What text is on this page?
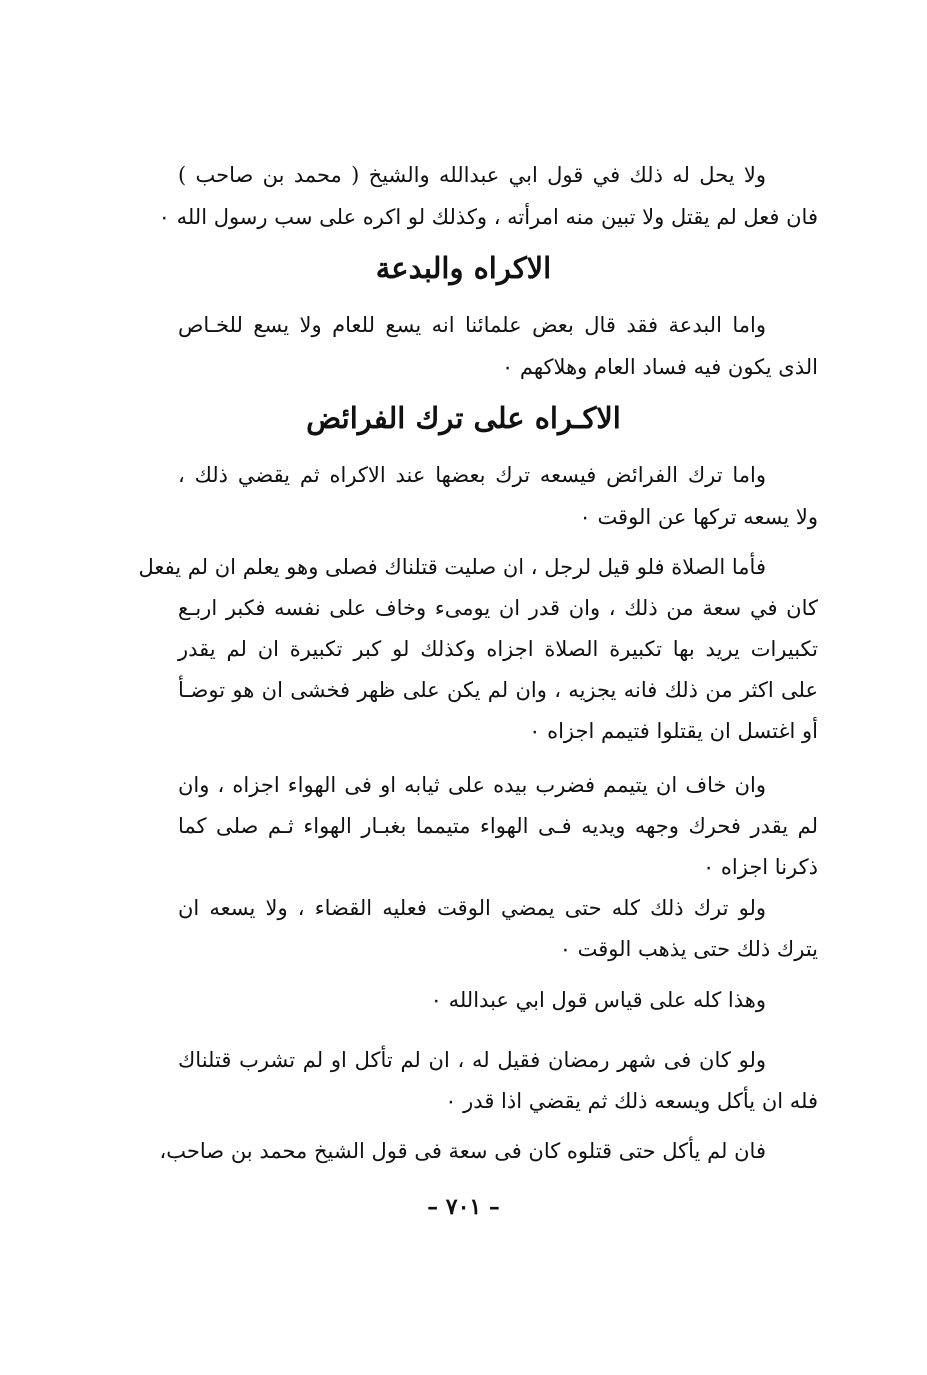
ولا يحل له ذلك في قول ابي عبدالله والشيخ ( محمد بن صاحب )
فان فعل لم يقتل ولا تبين منه امرأته ، وكذلك لو اكره على سب رسول الله ٠
الاكراه والبدعة
واما البدعة فقد قال بعض علمائنا انه يسع للعام ولا يسع للخـاص
الذى يكون فيه فساد العام وهلاكهم ٠
الاكـراه على ترك الفرائض
واما ترك الفرائض فيسعه ترك بعضها عند الاكراه ثم يقضي ذلك ،
ولا يسعه تركها عن الوقت ٠
فأما الصلاة فلو قيل لرجل ، ان صليت قتلناك فصلى وهو يعلم ان لم يفعل
كان في سعة من ذلك ، وان قدر ان يومىء وخاف على نفسه فكبر اربـع
تكبيرات يريد بها تكبيرة الصلاة اجزاه وكذلك لو كبر تكبيرة ان لم يقدر
على اكثر من ذلك فانه يجزيه ، وان لم يكن على ظهر فخشى ان هو توضـأ
أو اغتسل ان يقتلوا فتيمم اجزاه ٠
وان خاف ان يتيمم فضرب بيده على ثيابه او فى الهواء اجزاه ، وان
لم يقدر فحرك وجهه ويديه فـى الهواء متيمما بغبـار الهواء ثـم صلى كما
ذكرنا اجزاه ٠
ولو ترك ذلك كله حتى يمضي الوقت فعليه القضاء ، ولا يسعه ان
يترك ذلك حتى يذهب الوقت ٠
وهذا كله على قياس قول ابي عبدالله ٠
ولو كان فى شهر رمضان فقيل له ، ان لم تأكل او لم تشرب قتلناك
فله ان يأكل ويسعه ذلك ثم يقضي اذا قدر ٠
فان لم يأكل حتى قتلوه كان فى سعة فى قول الشيخ محمد بن صاحب،
– ٧٠١ –
